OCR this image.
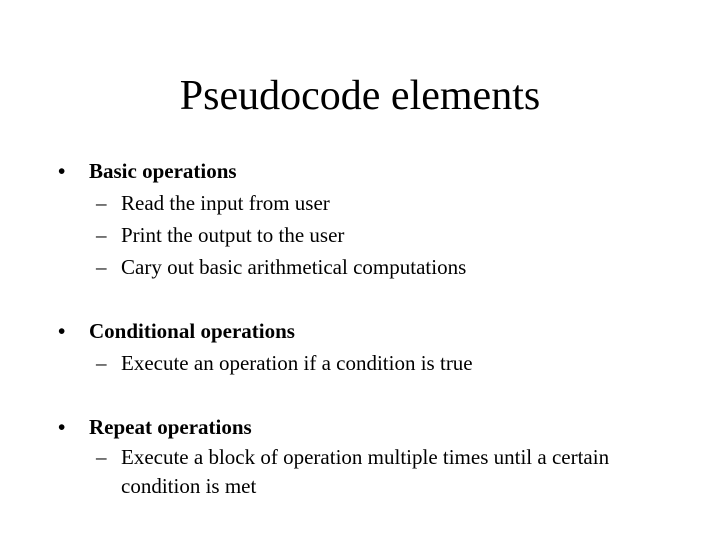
Pseudocode elements
• Basic operations
– Read the input from user
– Print the output to the user
– Cary out basic arithmetical computations
• Conditional operations
– Execute an operation if a condition is true
• Repeat operations
– Execute a block of operation multiple times until a certain condition is met
